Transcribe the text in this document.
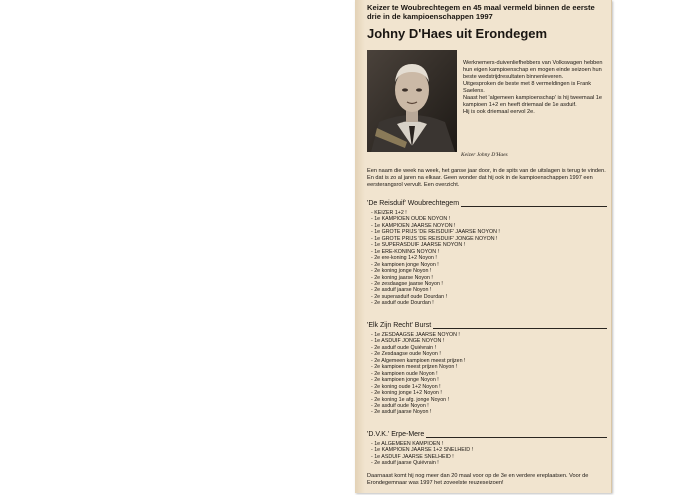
Keizer te Woubrechtegem en 45 maal vermeld binnen de eerste drie in de kampioenschappen 1997
Johny D'Haes uit Erondegem
Keizer Johny D'Haes

Werknemers-duivenliefhebbers van Volkswagen hebben hun eigen kampioenschap en mogen einde seizoen hun beste wedstrijdresultaten binnenleveren.

Uitgesproken de beste met 8 vermeldingen is Frank Saelens.

Naast het 'algemeen kampioenschap' is hij tweemaal 1e kampioen 1+2 en heeft driemaal de 1e asduif.

Hij is ook driemaal eervol 2e.

Een naam die week na week, het ganse jaar door, in de spits van de uitslagen is terug te vinden. En dat is zo al jaren na elkaar. Geen wonder dat hij ook in de kampioenschappen 1997 een eersterangsrol vervult. Een overzicht.
'De Reisduif' Woubrechtegem
- KEIZER 1+2 !
- 1e KAMPIOEN OUDE NOYON !
- 1e KAMPIOEN JAARSE NOYON !
- 1e GROTE PRIJS 'DE REISDUIF' JAARSE NOYON !
- 1e GROTE PRIJS 'DE REISDUIF' JONGE NOYON !
- 1e SUPERASDUIF JAARSE NOYON !
- 1e ERE-KONING NOYON !
- 2e ere-koning 1+2 Noyon !
- 2e kampioen jonge Noyon !
- 2e koning jonge Noyon !
- 2e koning jaarse Noyon !
- 2e zesdaagse jaarse Noyon !
- 2e asduif jaarse Noyon !
- 2e superasduif oude Dourdan !
- 2e asduif oude Dourdan !
'Elk Zijn Recht' Burst
- 1e ZESDAAGSE JAARSE NOYON !
- 1e ASDUIF JONGE NOYON !
- 2e asduif oude Quiévrain !
- 2e Zesdaagse oude Noyon !
- 2e Algemeen kampioen meest prijzen !
- 2e kampioen meest prijzen Noyon !
- 2e kampioen oude Noyon !
- 2e kampioen jonge Noyon !
- 2e koning oude 1+2 Noyon !
- 2e koning jonge 1+2 Noyon !
- 2e koning 1e afg. jonge Noyon !
- 2e asduif oude Noyon !
- 2e asduif jaarse Noyon !
'D.V.K.' Erpe-Mere
- 1e ALGEMEEN KAMPIOEN !
- 1e KAMPIOEN JAARSE 1+2 SNELHEID !
- 1e ASDUIF JAARSE SNELHEID !
- 2e asduif jaarse Quiévrain !
Daarnaast komt hij nog meer dan 20 maal voor op de 3e en verdere ereplaatsen. Voor de Erondegemnaar was 1997 het zoveelste reuzeseizoen!
